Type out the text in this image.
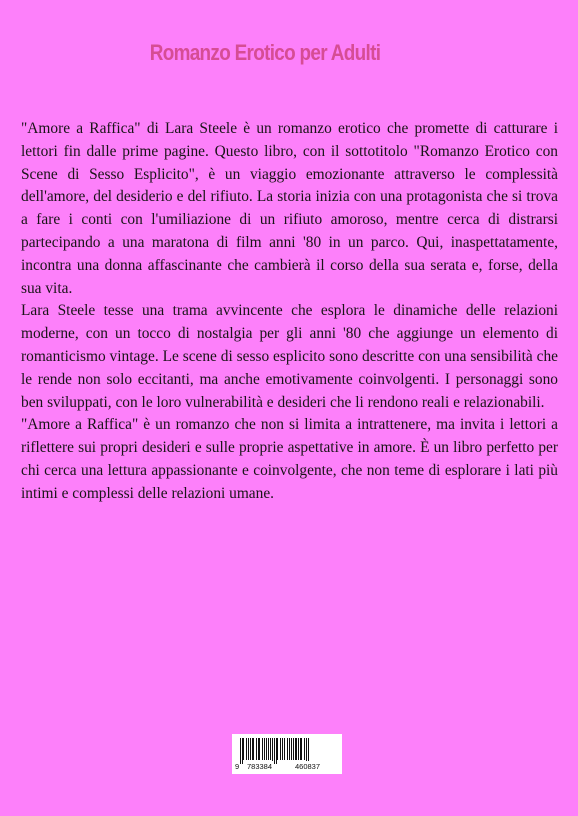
Romanzo Erotico per Adulti

"Amore a Raffica" di Lara Steele è un romanzo erotico che promette di catturare i lettori fin dalle prime pagine. Questo libro, con il sottotitolo "Romanzo Erotico con Scene di Sesso Esplicito", è un viaggio emozionante attraverso le complessità dell'amore, del desiderio e del rifiuto. La storia inizia con una protagonista che si trova a fare i conti con l'umiliazione di un rifiuto amoroso, mentre cerca di distrarsi partecipando a una maratona di film anni '80 in un parco. Qui, inaspettatamente, incontra una donna affascinante che cambierà il corso della sua serata e, forse, della sua vita.

Lara Steele tesse una trama avvincente che esplora le dinamiche delle relazioni moderne, con un tocco di nostalgia per gli anni '80 che aggiunge un elemento di romanticismo vintage. Le scene di sesso esplicito sono descritte con una sensibilità che le rende non solo eccitanti, ma anche emotivamente coinvolgenti. I personaggi sono ben sviluppati, con le loro vulnerabilità e desideri che li rendono reali e relazionabili.

"Amore a Raffica" è un romanzo che non si limita a intrattenere, ma invita i lettori a riflettere sui propri desideri e sulle proprie aspettative in amore. È un libro perfetto per chi cerca una lettura appassionante e coinvolgente, che non teme di esplorare i lati più intimi e complessi delle relazioni umane.

9 783384	460837
